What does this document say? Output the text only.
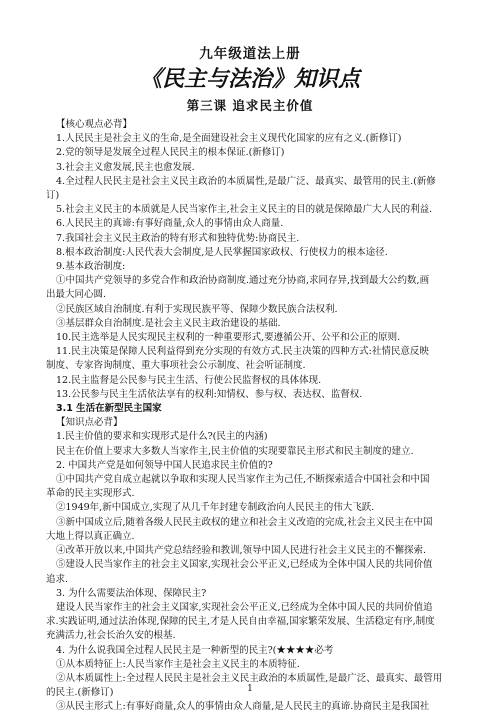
九年级道法上册
《民主与法治》知识点
第三课 追求民主价值
【核心观点必背】
1.人民民主是社会主义的生命,是全面建设社会主义现代化国家的应有之义.(新修订)
2.党的领导是发展全过程人民民主的根本保证.(新修订)
3.社会主义愈发展,民主也愈发展.
4.全过程人民民主是社会主义民主政治的本质属性,是最广泛、最真实、最管用的民主.(新修
订)
5.社会主义民主的本质就是人民当家作主,社会主义民主的目的就是保障最广大人民的利益.
6.人民民主的真谛:有事好商量,众人的事情由众人商量.
7.我国社会主义民主政治的特有形式和独特优势:协商民主.
8.根本政治制度:人民代表大会制度,是人民掌握国家政权、行使权力的根本途径.
9.基本政治制度:
①中国共产党领导的多党合作和政治协商制度.通过充分协商,求同存异,找到最大公约数,画
出最大同心圆.
②民族区域自治制度.有利于实现民族平等、保障少数民族合法权利.
③基层群众自治制度.是社会主义民主政治建设的基础.
10.民主选举是人民实现民主权利的一种重要形式,要遵循公开、公平和公正的原则.
11.民主决策是保障人民利益得到充分实现的有效方式.民主决策的四种方式:社情民意反映
制度、专家咨询制度、重大事项社会公示制度、社会听证制度.
12.民主监督是公民参与民主生活、行使公民监督权的具体体现.
13.公民参与民主生活依法享有的权利:知情权、参与权、表达权、监督权.
3.1 生活在新型民主国家
【知识点必背】
1.民主价值的要求和实现形式是什么?(民主的内涵)
民主在价值上要求大多数人当家作主,民主价值的实现要靠民主形式和民主制度的建立.
2. 中国共产党是如何领导中国人民追求民主价值的?
①中国共产党自成立起就以争取和实现人民当家作主为己任,不断探索适合中国社会和中国
革命的民主实现形式.
②1949年,新中国成立,实现了从几千年封建专制政治向人民民主的伟大飞跃.
③新中国成立后,随着各级人民民主政权的建立和社会主义改造的完成,社会主义民主在中国
大地上得以真正确立.
④改革开放以来,中国共产党总结经验和教训,领导中国人民进行社会主义民主的不懈探索.
⑤建设人民当家作主的社会主义国家,实现社会公平正义,已经成为全体中国人民的共同价值
追求.
3. 为什么需要法治体现、保障民主?
建设人民当家作主的社会主义国家,实现社会公平正义,已经成为全体中国人民的共同价值追
求.实践证明,通过法治体现,保障的民主,才是人民自由幸福,国家繁荣发展、生活稳定有序,制度
充满活力,社会长治久安的根基.
4. 为什么说我国全过程人民民主是一种新型的民主?(★★★★必考
①从本质特征上:人民当家作主是社会主义民主的本质特征.
②从本质属性上:全过程人民民主是社会主义民主政治的本质属性,是最广泛、最真实、最管用
的民主.(新修订)
③从民主形式上:有事好商量,众人的事情由众人商量,是人民民主的真谛.协商民主是我国社
1
